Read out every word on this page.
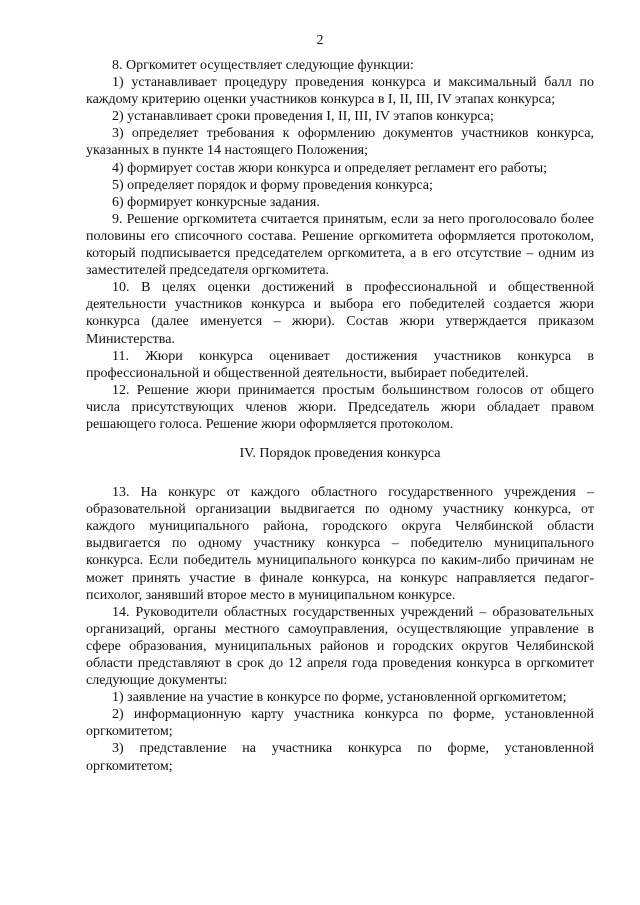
2

8. Оргкомитет осуществляет следующие функции:

1) устанавливает процедуру проведения конкурса и максимальный балл по каждому критерию оценки участников конкурса в I, II, III, IV этапах конкурса;

2) устанавливает сроки проведения I, II, III, IV этапов конкурса;

3) определяет требования к оформлению документов участников конкурса, указанных в пункте 14 настоящего Положения;

4) формирует состав жюри конкурса и определяет регламент его работы;

5) определяет порядок и форму проведения конкурса;

6) формирует конкурсные задания.

9. Решение оргкомитета считается принятым, если за него проголосовало более половины его списочного состава. Решение оргкомитета оформляется протоколом, который подписывается председателем оргкомитета, а в его отсутствие – одним из заместителей председателя оргкомитета.

10. В целях оценки достижений в профессиональной и общественной деятельности участников конкурса и выбора его победителей создается жюри конкурса (далее именуется – жюри). Состав жюри утверждается приказом Министерства.

11. Жюри конкурса оценивает достижения участников конкурса в профессиональной и общественной деятельности, выбирает победителей.

12. Решение жюри принимается простым большинством голосов от общего числа присутствующих членов жюри. Председатель жюри обладает правом решающего голоса. Решение жюри оформляется протоколом.

IV. Порядок проведения конкурса

13. На конкурс от каждого областного государственного учреждения – образовательной организации выдвигается по одному участнику конкурса, от каждого муниципального района, городского округа Челябинской области выдвигается по одному участнику конкурса – победителю муниципального конкурса. Если победитель муниципального конкурса по каким-либо причинам не может принять участие в финале конкурса, на конкурс направляется педагог-психолог, занявший второе место в муниципальном конкурсе.

14. Руководители областных государственных учреждений – образовательных организаций, органы местного самоуправления, осуществляющие управление в сфере образования, муниципальных районов и городских округов Челябинской области представляют в срок до 12 апреля года проведения конкурса в оргкомитет следующие документы:

1) заявление на участие в конкурсе по форме, установленной оргкомитетом;

2) информационную карту участника конкурса по форме, установленной оргкомитетом;

3) представление на участника конкурса по форме, установленной оргкомитетом;
